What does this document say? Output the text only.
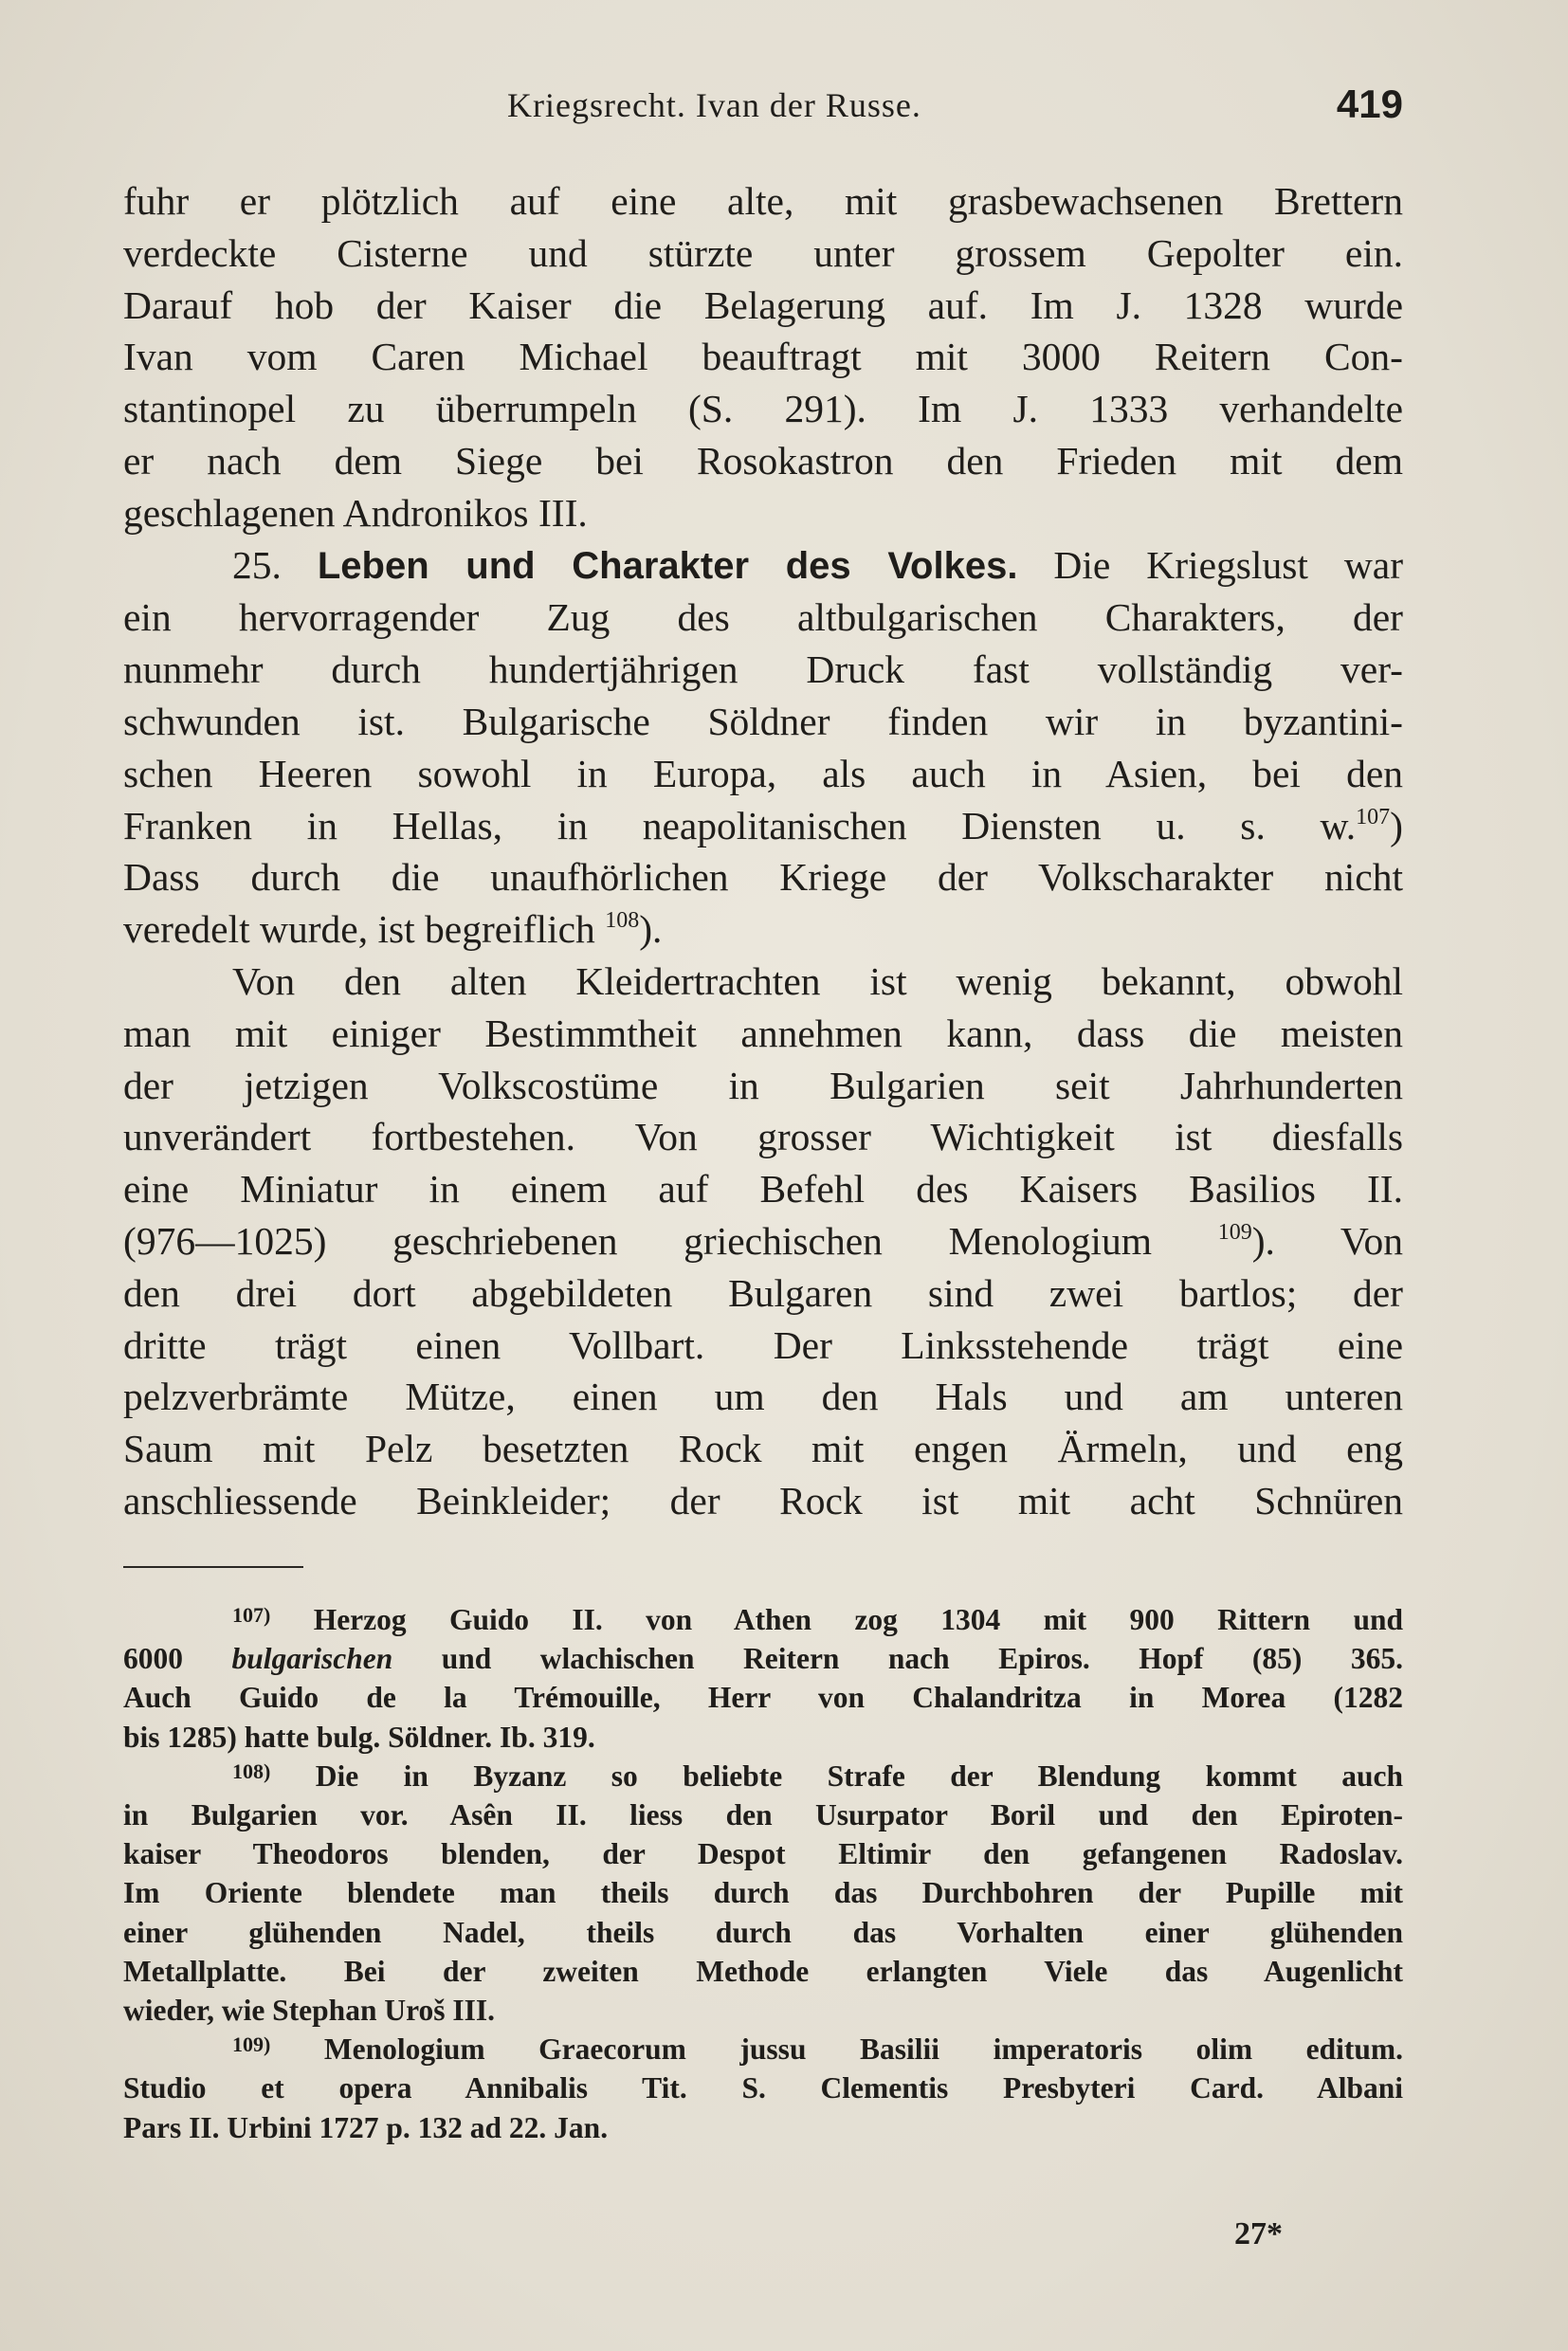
Kriegsrecht. Ivan der Russe.	419
fuhr er plötzlich auf eine alte, mit grasbewachsenen Brettern
verdeckte Cisterne und stürzte unter grossem Gepolter ein.
Darauf hob der Kaiser die Belagerung auf. Im J. 1328 wurde
Ivan vom Caren Michael beauftragt mit 3000 Reitern Con-
stantinopel zu überrumpeln (S. 291). Im J. 1333 verhandelte
er nach dem Siege bei Rosokastron den Frieden mit dem
geschlagenen Andronikos III.
25. Leben und Charakter des Volkes. Die Kriegslust war
ein hervorragender Zug des altbulgarischen Charakters, der
nunmehr durch hundertjährigen Druck fast vollständig ver-
schwunden ist. Bulgarische Söldner finden wir in byzantini-
schen Heeren sowohl in Europa, als auch in Asien, bei den
Franken in Hellas, in neapolitanischen Diensten u. s. w.$^{107}$)
Dass durch die unaufhörlichen Kriege der Volkscharakter nicht
veredelt wurde, ist begreiflich $^{108}$).
Von den alten Kleidertrachten ist wenig bekannt, obwohl
man mit einiger Bestimmtheit annehmen kann, dass die meisten
der jetzigen Volkscostüme in Bulgarien seit Jahrhunderten
unverändert fortbestehen. Von grosser Wichtigkeit ist diesfalls
eine Miniatur in einem auf Befehl des Kaisers Basilios II.
(976—1025) geschriebenen griechischen Menologium	$^{109}$). Von
den drei dort abgebildeten Bulgaren sind zwei bartlos; der
dritte trägt einen Vollbart. Der Linksstehende trägt eine
pelzverbrämte Mütze, einen um den Hals und am unteren
Saum mit Pelz besetzten Rock mit engen Ärmeln, und eng
anschliessende Beinkleider; der Rock ist mit acht Schnüren
$^{107)}$ Herzog Guido II. von Athen zog 1304 mit 900 Rittern und
6000 bulgarischen und wlachischen Reitern nach Epiros. Hopf (85) 365.
Auch Guido de la Trémouille, Herr von Chalandritza in Morea (1282
bis 1285) hatte bulg. Söldner. Ib. 319.
$^{108)}$ Die in Byzanz so beliebte Strafe der Blendung kommt auch
in Bulgarien vor. Asên II. liess den Usurpator Boril und den Epiroten-
kaiser Theodoros blenden, der Despot Eltimir den gefangenen Radoslav.
Im Oriente blendete man theils durch das Durchbohren der Pupille mit
einer glühenden Nadel, theils durch das Vorhalten einer glühenden
Metallplatte. Bei der zweiten Methode erlangten Viele das Augenlicht
wieder, wie Stephan Uroš III.
$^{109)}$ Menologium Graecorum jussu Basilii imperatoris olim editum.
Studio et opera Annibalis Tit. S. Clementis Presbyteri Card. Albani
Pars II. Urbini 1727 p. 132 ad 22. Jan.
27*
